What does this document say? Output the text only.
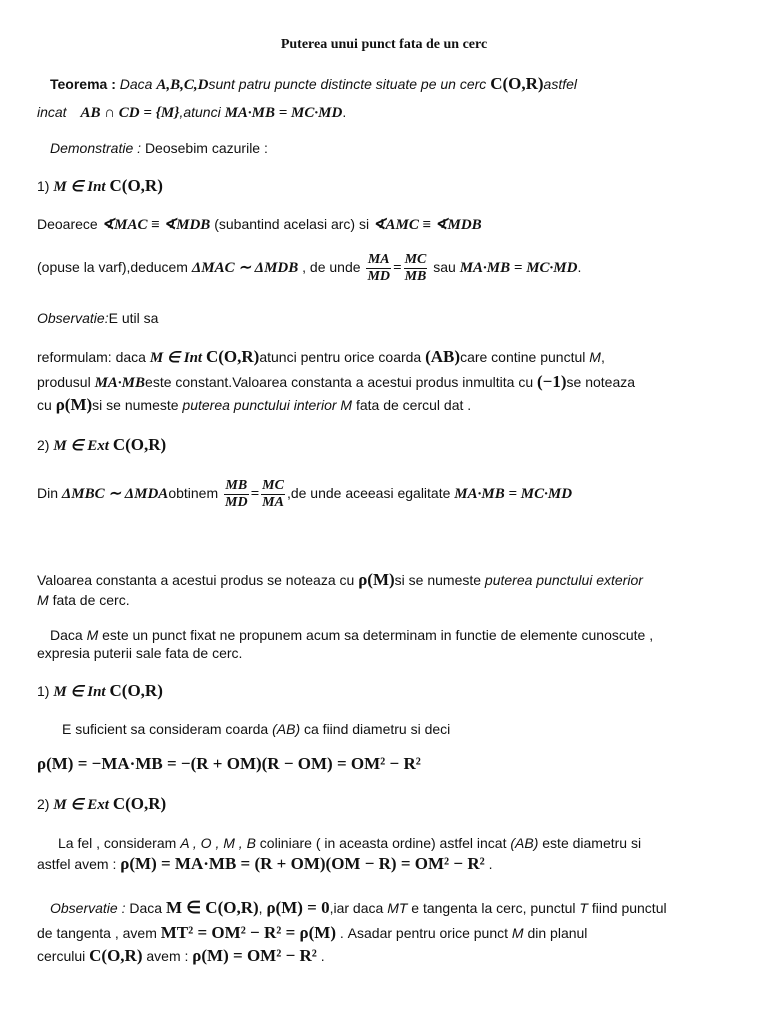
Puterea unui punct fata de un cerc
Teorema : Daca A,B,C,Dsunt patru puncte distincte situate pe un cerc C(O,R)astfel
incat AB ∩ CD = {M},atunci MA·MB = MC·MD.
Demonstratie : Deosebim cazurile :
1) M ∈ Int C(O,R)
Deoarece ∢MAC ≡ ∢MDB (subantind acelasi arc) si ∢AMC ≡ ∢MDB
(opuse la varf),deducem ΔMAC ∼ ΔMDB , de unde $\frac{MA}{MD} = \frac{MC}{MB}$ sau MA·MB = MC·MD.
Observatie:E util sa
reformulam: daca M ∈ Int C(O,R)atunci pentru orice coarda (AB)care contine punctul M,
produsul MA·MBeste constant.Valoarea constanta a acestui produs inmultita cu (−1)se noteaza
cu ρ(M)si se numeste puterea punctului interior M fata de cercul dat .
2) M ∈ Ext C(O,R)
Din ΔMBC ∼ ΔMDAobtinem $\frac{MB}{MD} = \frac{MC}{MA} ,de$ unde aceeasi egalitate MA·MB = MC·MD
Valoarea constanta a acestui produs se noteaza cu ρ(M)si se numeste puterea punctului exterior
M fata de cerc.
Daca M este un punct fixat ne propunem acum sa determinam in functie de elemente cunoscute ,
expresia puterii sale fata de cerc.
1) M ∈ Int C(O,R)
E suficient sa consideram coarda (AB) ca fiind diametru si deci
ρ(M) = −MA·MB = −(R + OM)(R − OM) = OM² − R²
2) M ∈ Ext C(O,R)
La fel , consideram A , O , M , B coliniare ( in aceasta ordine) astfel incat (AB) este diametru si
astfel avem : ρ(M) = MA·MB = (R + OM)(OM − R) = OM² − R² .
Observatie : Daca M ∈ C(O,R), ρ(M) = 0,iar daca MT e tangenta la cerc, punctul T fiind punctul
de tangenta , avem MT² = OM² − R² = ρ(M) . Asadar pentru orice punct M din planul
cercului C(O,R) avem : ρ(M) = OM² − R² .
